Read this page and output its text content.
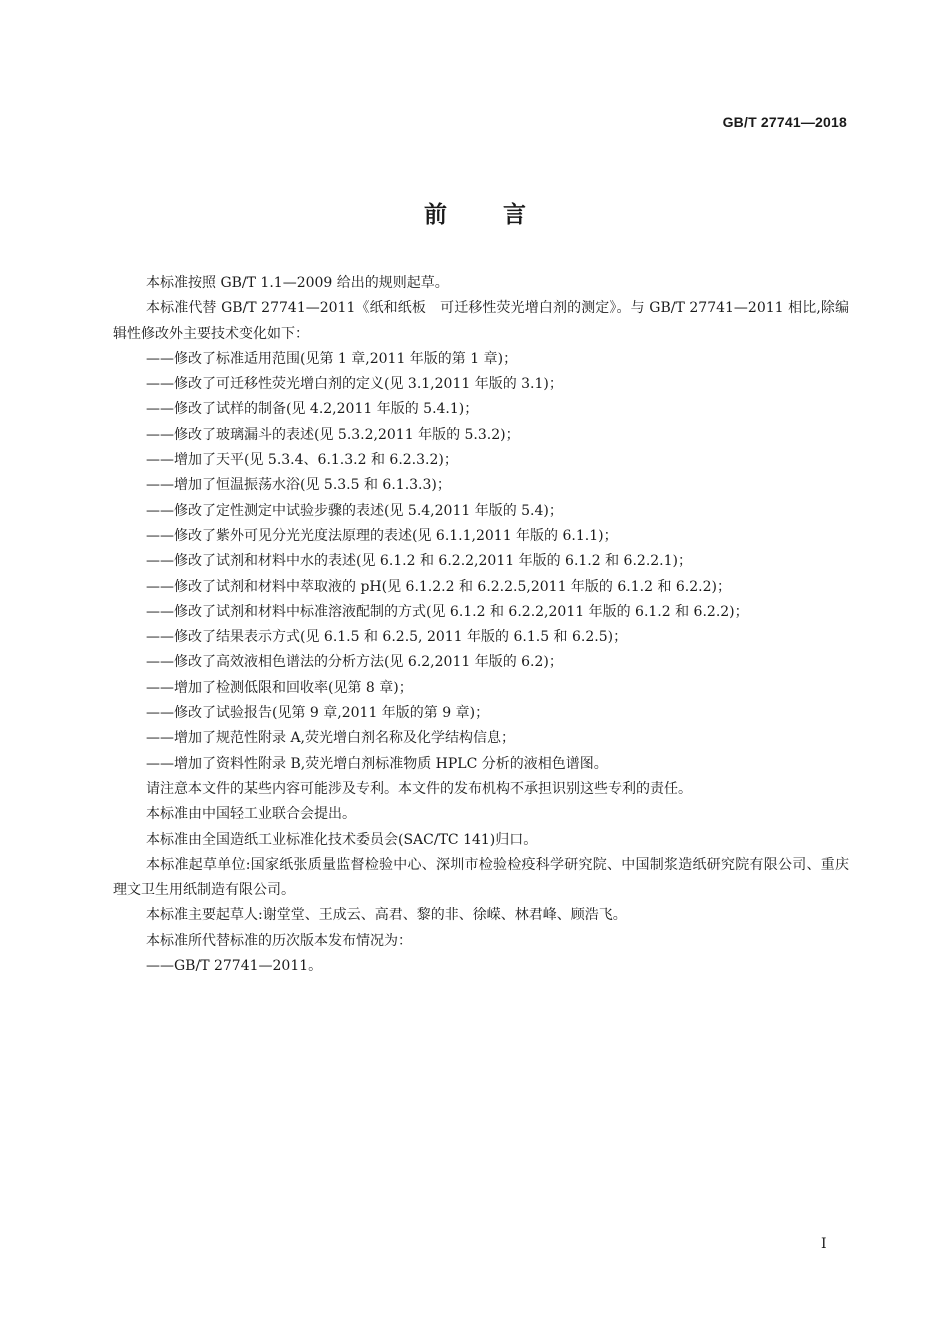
GB/T 27741—2018
前 言

本标准按照 GB/T 1.1—2009 给出的规则起草。

本标准代替 GB/T 27741—2011《纸和纸板　可迁移性荧光增白剂的测定》。与 GB/T 27741—2011 相比,除编辑性修改外主要技术变化如下：

——修改了标准适用范围(见第 1 章,2011 年版的第 1 章)；
——修改了可迁移性荧光增白剂的定义(见 3.1,2011 年版的 3.1)；
——修改了试样的制备(见 4.2,2011 年版的 5.4.1)；
——修改了玻璃漏斗的表述(见 5.3.2,2011 年版的 5.3.2)；
——增加了天平(见 5.3.4、6.1.3.2 和 6.2.3.2)；
——增加了恒温振荡水浴(见 5.3.5 和 6.1.3.3)；
——修改了定性测定中试验步骤的表述(见 5.4,2011 年版的 5.4)；
——修改了紫外可见分光光度法原理的表述(见 6.1.1,2011 年版的 6.1.1)；
——修改了试剂和材料中水的表述(见 6.1.2 和 6.2.2,2011 年版的 6.1.2 和 6.2.2.1)；
——修改了试剂和材料中萃取液的 pH(见 6.1.2.2 和 6.2.2.5,2011 年版的 6.1.2 和 6.2.2)；
——修改了试剂和材料中标准溶液配制的方式(见 6.1.2 和 6.2.2,2011 年版的 6.1.2 和 6.2.2)；
——修改了结果表示方式(见 6.1.5 和 6.2.5, 2011 年版的 6.1.5 和 6.2.5)；
——修改了高效液相色谱法的分析方法(见 6.2,2011 年版的 6.2)；
——增加了检测低限和回收率(见第 8 章)；
——修改了试验报告(见第 9 章,2011 年版的第 9 章)；
——增加了规范性附录 A,荧光增白剂名称及化学结构信息；
——增加了资料性附录 B,荧光增白剂标准物质 HPLC 分析的液相色谱图。

请注意本文件的某些内容可能涉及专利。本文件的发布机构不承担识别这些专利的责任。

本标准由中国轻工业联合会提出。

本标准由全国造纸工业标准化技术委员会(SAC/TC 141)归口。

本标准起草单位:国家纸张质量监督检验中心、深圳市检验检疫科学研究院、中国制浆造纸研究院有限公司、重庆理文卫生用纸制造有限公司。

本标准主要起草人:谢堂堂、王成云、高君、黎的非、徐嵘、林君峰、顾浩飞。

本标准所代替标准的历次版本发布情况为：

——GB/T 27741—2011。
I
